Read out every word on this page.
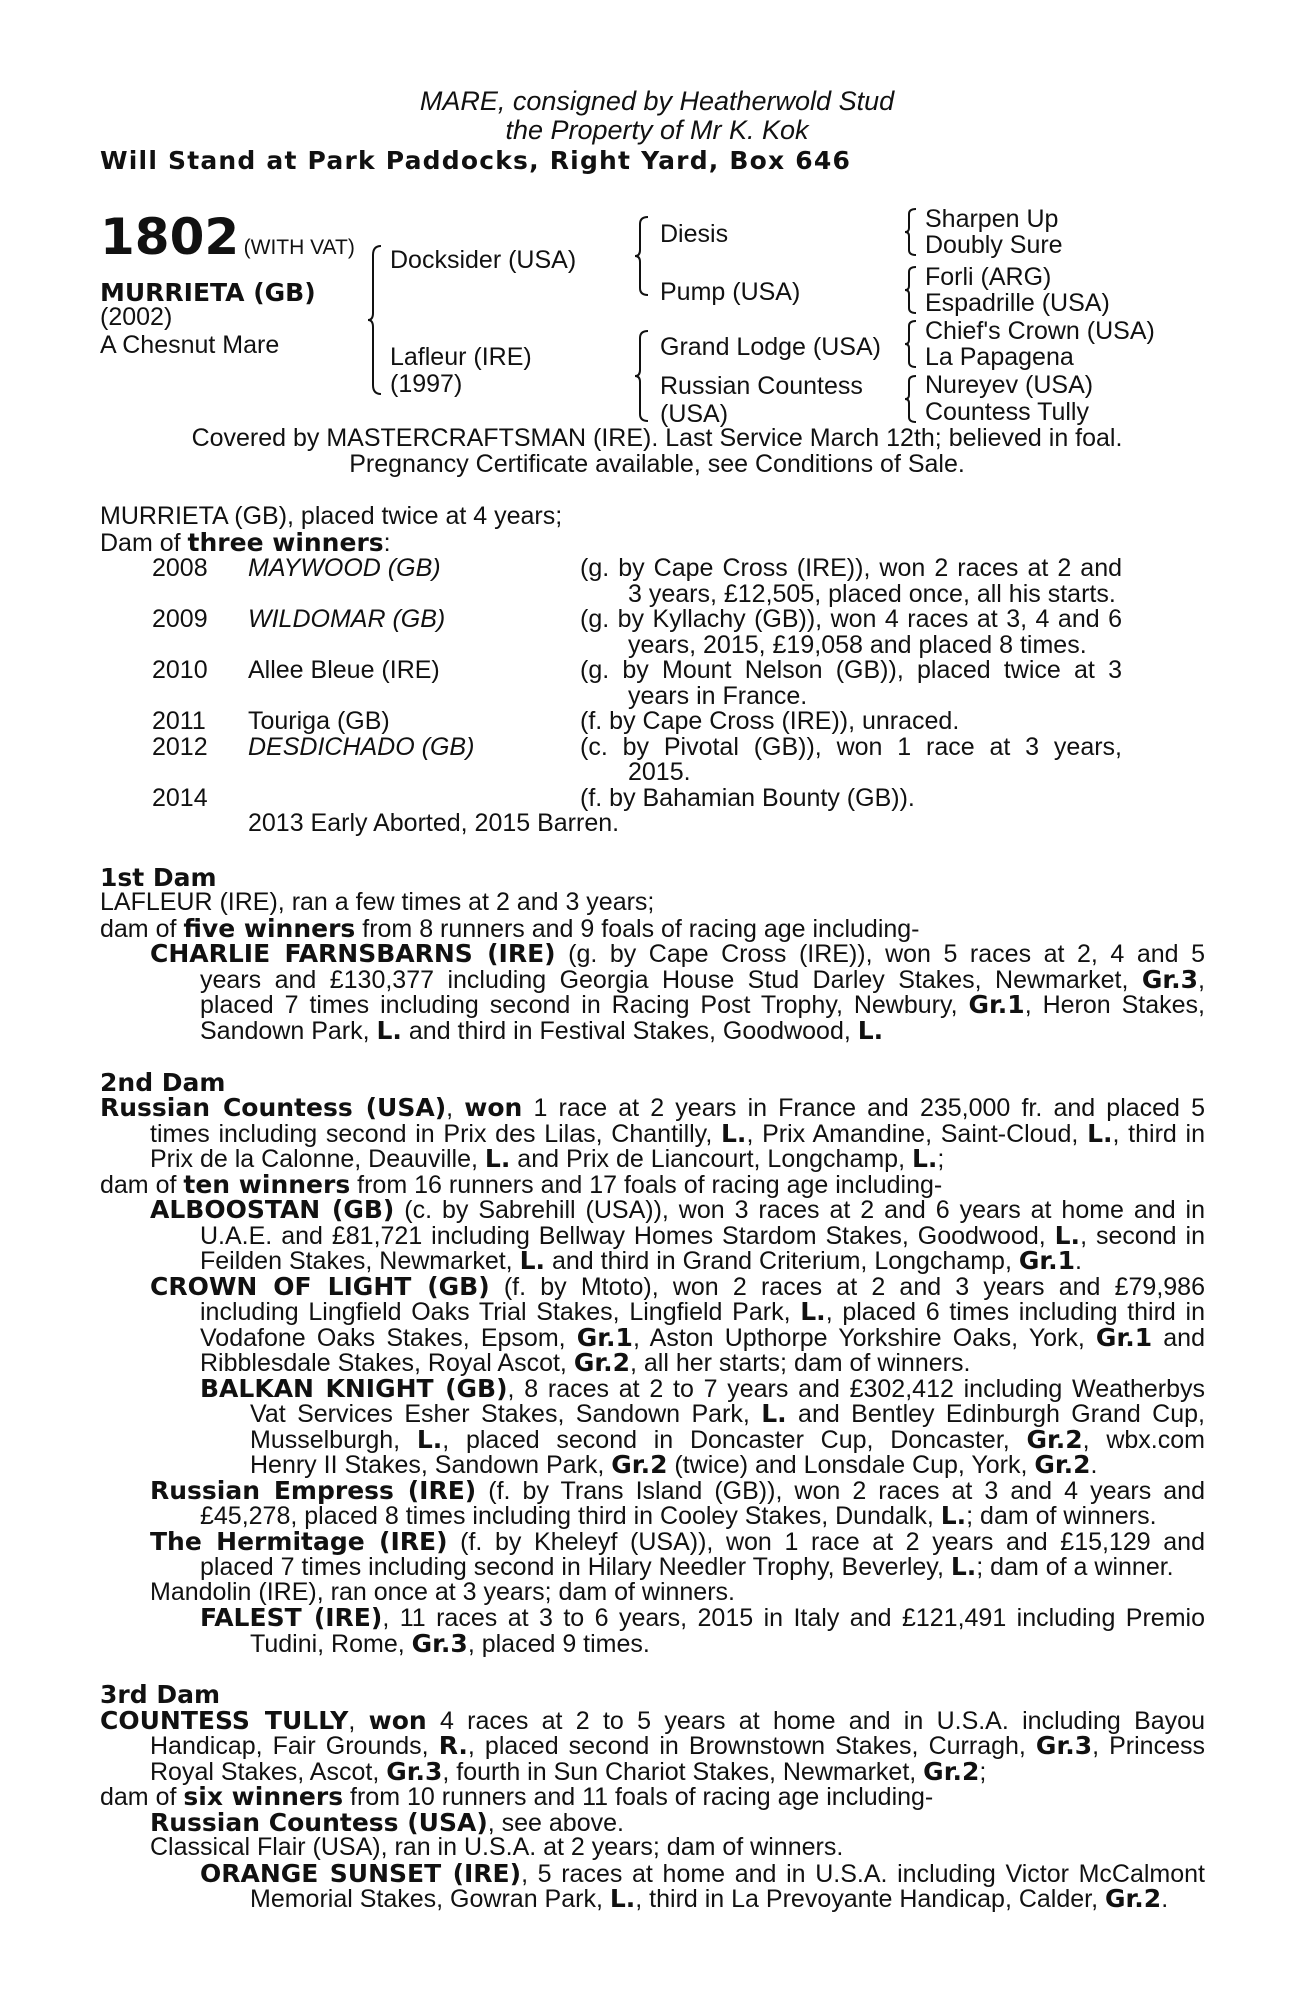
MARE, consigned by Heatherwold Stud
the Property of Mr K. Kok
Will Stand at Park Paddocks, Right Yard, Box 646
1802 (WITH VAT)
MURRIETA (GB)
(2002)
A Chesnut Mare
Docksider (USA)
Lafleur (IRE)
(1997)
Diesis
Pump (USA)
Grand Lodge (USA)
Russian Countess
(USA)
Sharpen Up
Doubly Sure
Forli (ARG)
Espadrille (USA)
Chief's Crown (USA)
La Papagena
Nureyev (USA)
Countess Tully
Covered by MASTERCRAFTSMAN (IRE). Last Service March 12th; believed in foal.
Pregnancy Certificate available, see Conditions of Sale.
MURRIETA (GB), placed twice at 4 years;
Dam of three winners:
2008 MAYWOOD (GB)	(g. by Cape Cross (IRE)), won 2 races at 2 and
3 years, £12,505, placed once, all his starts.
2009 WILDOMAR (GB)	(g. by Kyllachy (GB)), won 4 races at 3, 4 and 6
years, 2015, £19,058 and placed 8 times.
2010 Allee Bleue (IRE)	(g. by Mount Nelson (GB)), placed twice at 3
years in France.
2011 Touriga (GB)	(f. by Cape Cross (IRE)), unraced.
2012 DESDICHADO (GB)	(c. by Pivotal (GB)), won 1 race at 3 years,
2015.
2014	(f. by Bahamian Bounty (GB)).
2013 Early Aborted, 2015 Barren.
1st Dam
LAFLEUR (IRE), ran a few times at 2 and 3 years;
dam of five winners from 8 runners and 9 foals of racing age including-
CHARLIE FARNSBARNS (IRE) (g. by Cape Cross (IRE)), won 5 races at 2, 4 and 5
years and £130,377 including Georgia House Stud Darley Stakes, Newmarket, Gr.3,
placed 7 times including second in Racing Post Trophy, Newbury, Gr.1, Heron Stakes,
Sandown Park, L. and third in Festival Stakes, Goodwood, L.
2nd Dam
Russian Countess (USA), won 1 race at 2 years in France and 235,000 fr. and placed 5
times including second in Prix des Lilas, Chantilly, L., Prix Amandine, Saint-Cloud, L., third in
Prix de la Calonne, Deauville, L. and Prix de Liancourt, Longchamp, L.;
dam of ten winners from 16 runners and 17 foals of racing age including-
ALBOOSTAN (GB) (c. by Sabrehill (USA)), won 3 races at 2 and 6 years at home and in
U.A.E. and £81,721 including Bellway Homes Stardom Stakes, Goodwood, L., second in
Feilden Stakes, Newmarket, L. and third in Grand Criterium, Longchamp, Gr.1.
CROWN OF LIGHT (GB) (f. by Mtoto), won 2 races at 2 and 3 years and £79,986
including Lingfield Oaks Trial Stakes, Lingfield Park, L., placed 6 times including third in
Vodafone Oaks Stakes, Epsom, Gr.1, Aston Upthorpe Yorkshire Oaks, York, Gr.1 and
Ribblesdale Stakes, Royal Ascot, Gr.2, all her starts; dam of winners.
BALKAN KNIGHT (GB), 8 races at 2 to 7 years and £302,412 including Weatherbys
Vat Services Esher Stakes, Sandown Park, L. and Bentley Edinburgh Grand Cup,
Musselburgh, L., placed second in Doncaster Cup, Doncaster, Gr.2, wbx.com
Henry II Stakes, Sandown Park, Gr.2 (twice) and Lonsdale Cup, York, Gr.2.
Russian Empress (IRE) (f. by Trans Island (GB)), won 2 races at 3 and 4 years and
£45,278, placed 8 times including third in Cooley Stakes, Dundalk, L.; dam of winners.
The Hermitage (IRE) (f. by Kheleyf (USA)), won 1 race at 2 years and £15,129 and
placed 7 times including second in Hilary Needler Trophy, Beverley, L.; dam of a winner.
Mandolin (IRE), ran once at 3 years; dam of winners.
FALEST (IRE), 11 races at 3 to 6 years, 2015 in Italy and £121,491 including Premio
Tudini, Rome, Gr.3, placed 9 times.
3rd Dam
COUNTESS TULLY, won 4 races at 2 to 5 years at home and in U.S.A. including Bayou
Handicap, Fair Grounds, R., placed second in Brownstown Stakes, Curragh, Gr.3, Princess
Royal Stakes, Ascot, Gr.3, fourth in Sun Chariot Stakes, Newmarket, Gr.2;
dam of six winners from 10 runners and 11 foals of racing age including-
Russian Countess (USA), see above.
Classical Flair (USA), ran in U.S.A. at 2 years; dam of winners.
ORANGE SUNSET (IRE), 5 races at home and in U.S.A. including Victor McCalmont
Memorial Stakes, Gowran Park, L., third in La Prevoyante Handicap, Calder, Gr.2.
